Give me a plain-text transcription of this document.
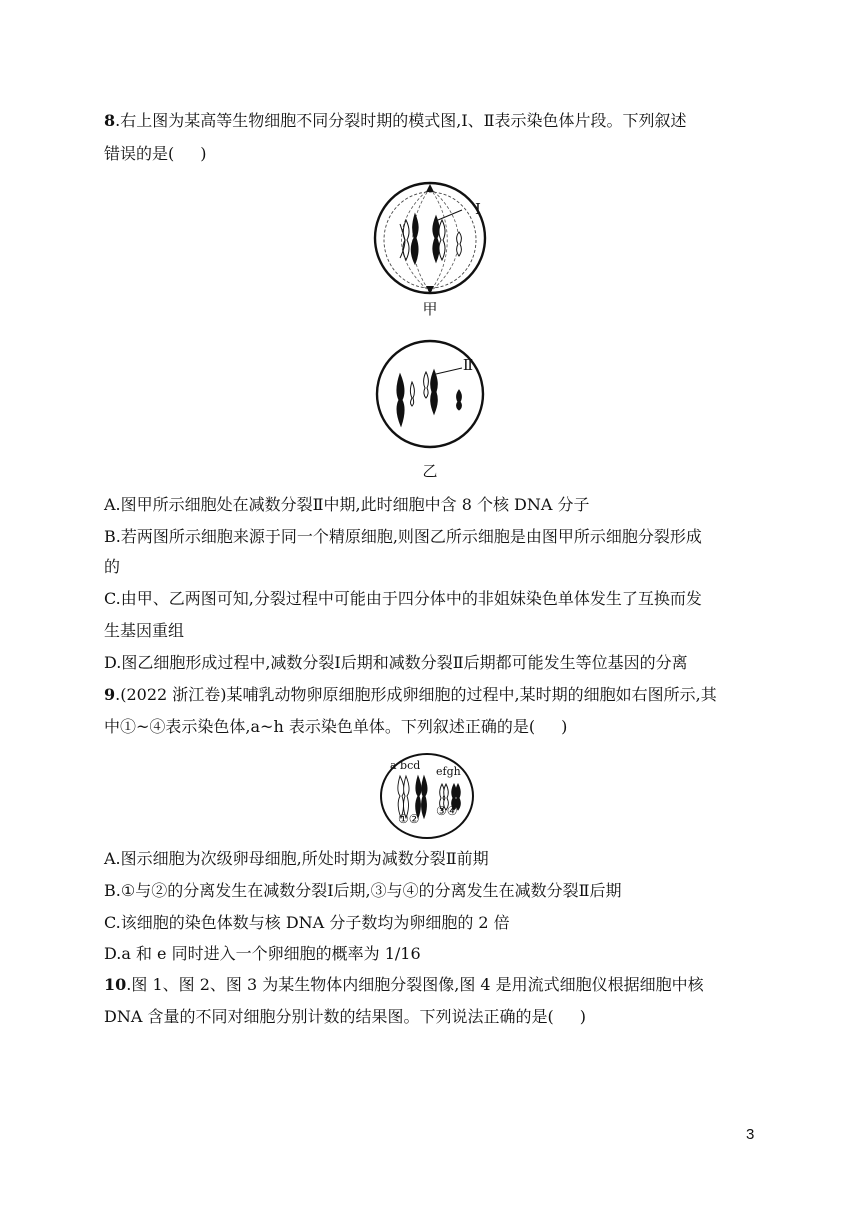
8.右上图为某高等生物细胞不同分裂时期的模式图,Ⅰ、Ⅱ表示染色体片段。下列叙述
错误的是( )
Ⅰ
甲
Ⅱ
乙
A.图甲所示细胞处在减数分裂Ⅱ中期,此时细胞中含 8 个核 DNA 分子
B.若两图所示细胞来源于同一个精原细胞,则图乙所示细胞是由图甲所示细胞分裂形成
的
C.由甲、乙两图可知,分裂过程中可能由于四分体中的非姐妹染色单体发生了互换而发
生基因重组
D.图乙细胞形成过程中,减数分裂Ⅰ后期和减数分裂Ⅱ后期都可能发生等位基因的分离
9.(2022 浙江卷)某哺乳动物卵原细胞形成卵细胞的过程中,某时期的细胞如右图所示,其
中①~④表示染色体,a~h 表示染色单体。下列叙述正确的是( )
a bcd	efgh
①②
③④
A.图示细胞为次级卵母细胞,所处时期为减数分裂Ⅱ前期
B.①与②的分离发生在减数分裂Ⅰ后期,③与④的分离发生在减数分裂Ⅱ后期
C.该细胞的染色体数与核 DNA 分子数均为卵细胞的 2 倍
D.a 和 e 同时进入一个卵细胞的概率为 1/16
10.图 1、图 2、图 3 为某生物体内细胞分裂图像,图 4 是用流式细胞仪根据细胞中核
DNA 含量的不同对细胞分别计数的结果图。下列说法正确的是( )
3
